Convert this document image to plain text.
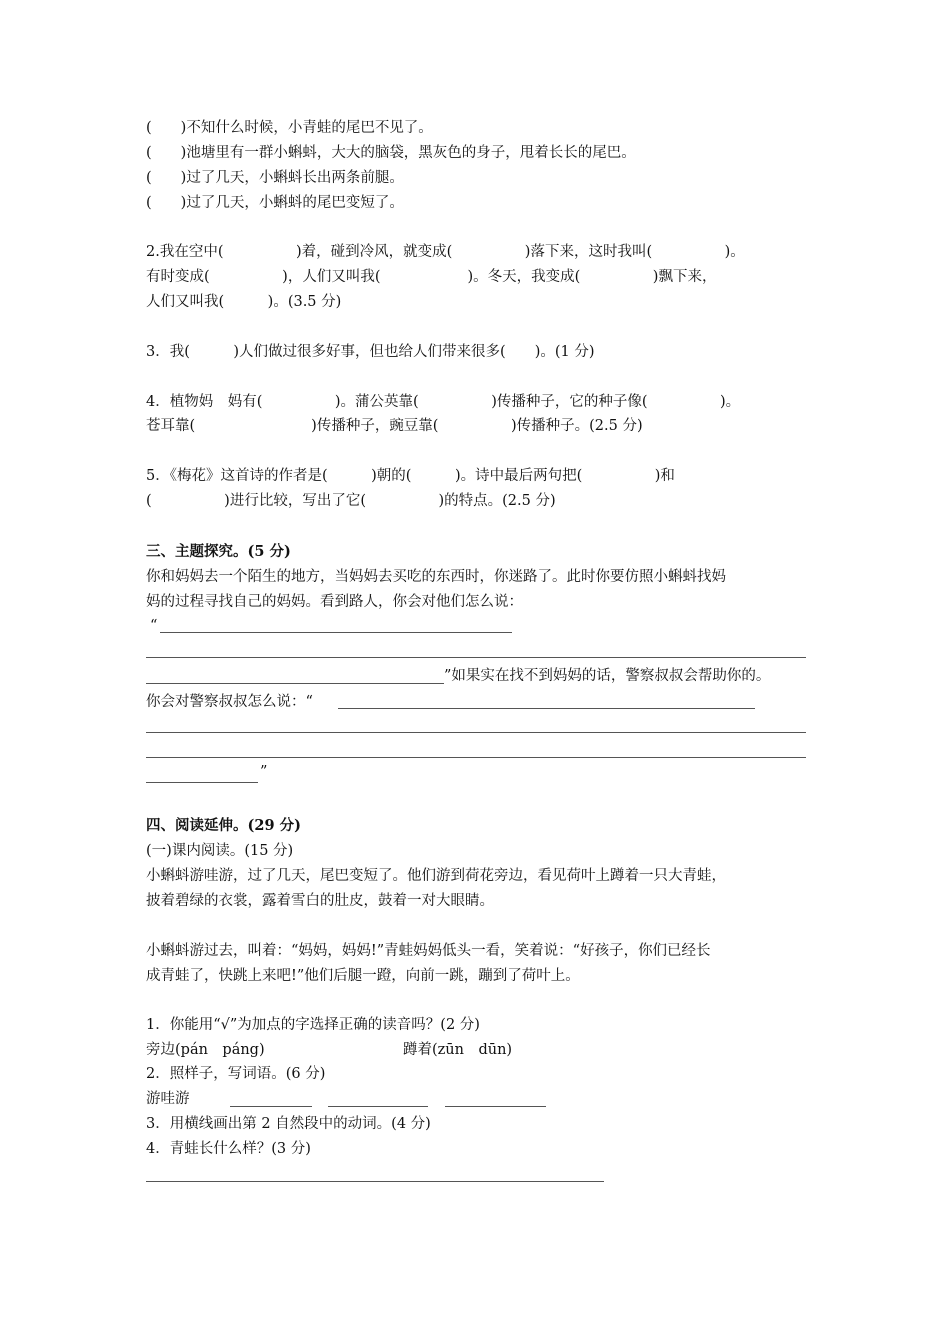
(　　)不知什么时候，小青蛙的尾巴不见了。

(　　)池塘里有一群小蝌蚪，大大的脑袋，黑灰色的身子，甩着长长的尾巴。

(　　)过了几天，小蝌蚪长出两条前腿。

(　　)过了几天，小蝌蚪的尾巴变短了。

2.我在空中(　　　　　)着，碰到冷风，就变成(　　　　　)落下来，这时我叫(　　　　　)。

有时变成(　　　　　)，人们又叫我(　　　　　　)。冬天，我变成(　　　　　)飘下来，

人们又叫我(　　　)。(3.5 分)

3．我(　　　)人们做过很多好事，但也给人们带来很多(　　)。(1 分)

4．植物妈　妈有(　　　　　)。蒲公英靠(　　　　　)传播种子，它的种子像(　　　　　)。

苍耳靠(　　　　　　　　)传播种子，豌豆靠(　　　　　)传播种子。(2.5 分)

5．《梅花》这首诗的作者是(　　　)朝的(　　　)。诗中最后两句把(　　　　　)和

(　　　　　)进行比较，写出了它(　　　　　)的特点。(2.5 分)

三、主题探究。(5 分)

你和妈妈去一个陌生的地方，当妈妈去买吃的东西时，你迷路了。此时你要仿照小蝌蚪找妈

妈的过程寻找自己的妈妈。看到路人，你会对他们怎么说：

“

”如果实在找不到妈妈的话，警察叔叔会帮助你的。

你会对警察叔叔怎么说：“

”

四、阅读延伸。(29 分)

(一)课内阅读。(15 分)

小蝌蚪游哇游，过了几天，尾巴变短了。他们游到荷花旁边，看见荷叶上蹲着一只大青蛙，

披着碧绿的衣裳，露着雪白的肚皮，鼓着一对大眼睛。

小蝌蚪游过去，叫着：“妈妈，妈妈!”青蛙妈妈低头一看，笑着说：“好孩子，你们已经长

成青蛙了，快跳上来吧!”他们后腿一蹬，向前一跳，蹦到了荷叶上。

1．你能用“√”为加点的字选择正确的读音吗？(2 分)

旁边(pán　páng)	蹲着(zūn　dūn)

2．照样子，写词语。(6 分)

游哇游

3．用横线画出第 2 自然段中的动词。(4 分)

4．青蛙长什么样？(3 分)
